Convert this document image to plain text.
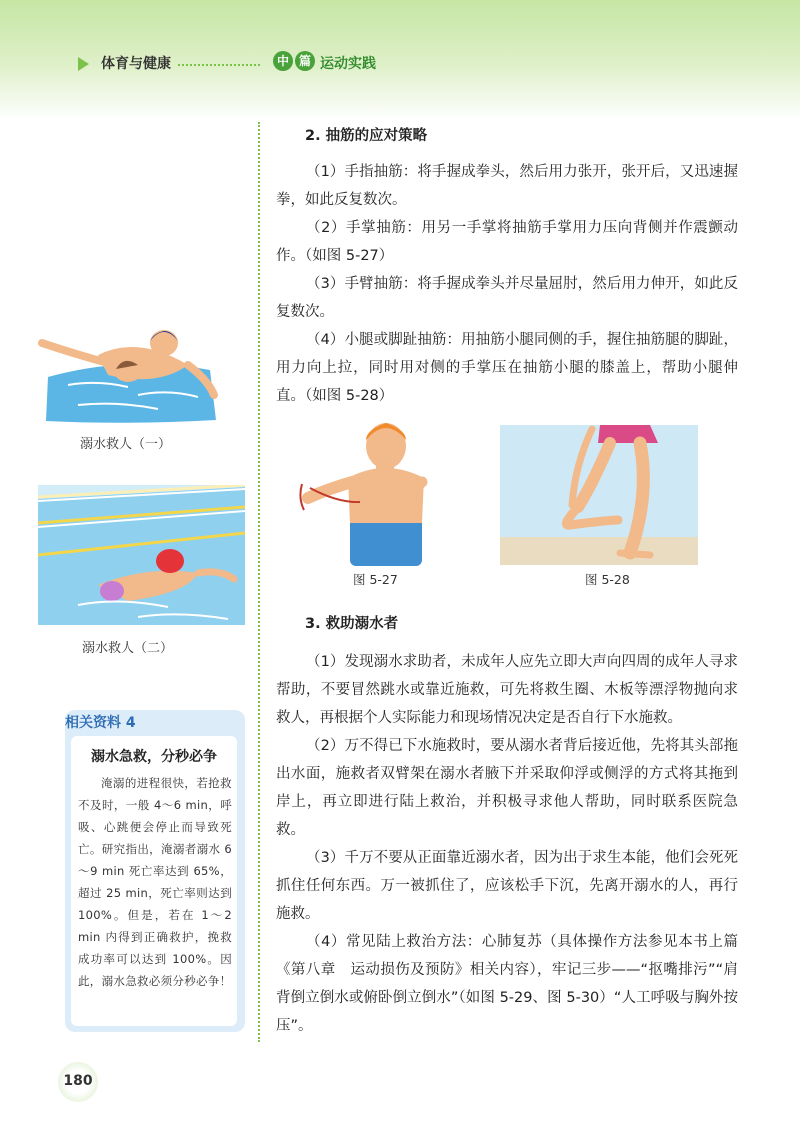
体育与健康	中 篇 运动实践
2. 抽筋的应对策略

（1）手指抽筋：将手握成拳头，然后用力张开，张开后，又迅速握拳，如此反复数次。

（2）手掌抽筋：用另一手掌将抽筋手掌用力压向背侧并作震颤动作。（如图 5-27）

（3）手臂抽筋：将手握成拳头并尽量屈肘，然后用力伸开，如此反复数次。

（4）小腿或脚趾抽筋：用抽筋小腿同侧的手，握住抽筋腿的脚趾，用力向上拉，同时用对侧的手掌压在抽筋小腿的膝盖上，帮助小腿伸直。（如图 5-28）

图 5-27	图 5-28
3. 救助溺水者

（1）发现溺水求助者，未成年人应先立即大声向四周的成年人寻求帮助，不要冒然跳水或靠近施救，可先将救生圈、木板等漂浮物抛向求救人，再根据个人实际能力和现场情况决定是否自行下水施救。

（2）万不得已下水施救时，要从溺水者背后接近他，先将其头部拖出水面，施救者双臂架在溺水者腋下并采取仰浮或侧浮的方式将其拖到岸上，再立即进行陆上救治，并积极寻求他人帮助，同时联系医院急救。

（3）千万不要从正面靠近溺水者，因为出于求生本能，他们会死死抓住任何东西。万一被抓住了，应该松手下沉，先离开溺水的人，再行施救。

（4）常见陆上救治方法：心肺复苏（具体操作方法参见本书上篇《第八章　运动损伤及预防》相关内容），牢记三步——“抠嘴排污”“肩背倒立倒水或俯卧倒立倒水”（如图 5-29、图 5-30）“人工呼吸与胸外按压”。

溺水救人（一）
溺水救人（二）
相关资料 4
溺水急救，分秒必争

淹溺的进程很快，若抢救不及时，一般 4～6 min，呼吸、心跳便会停止而导致死亡。研究指出，淹溺者溺水 6～9 min 死亡率达到 65%，超过 25 min，死亡率则达到 100%。但是，若在 1～2 min 内得到正确救护，挽救成功率可以达到 100%。因此，溺水急救必须分秒必争！

180
